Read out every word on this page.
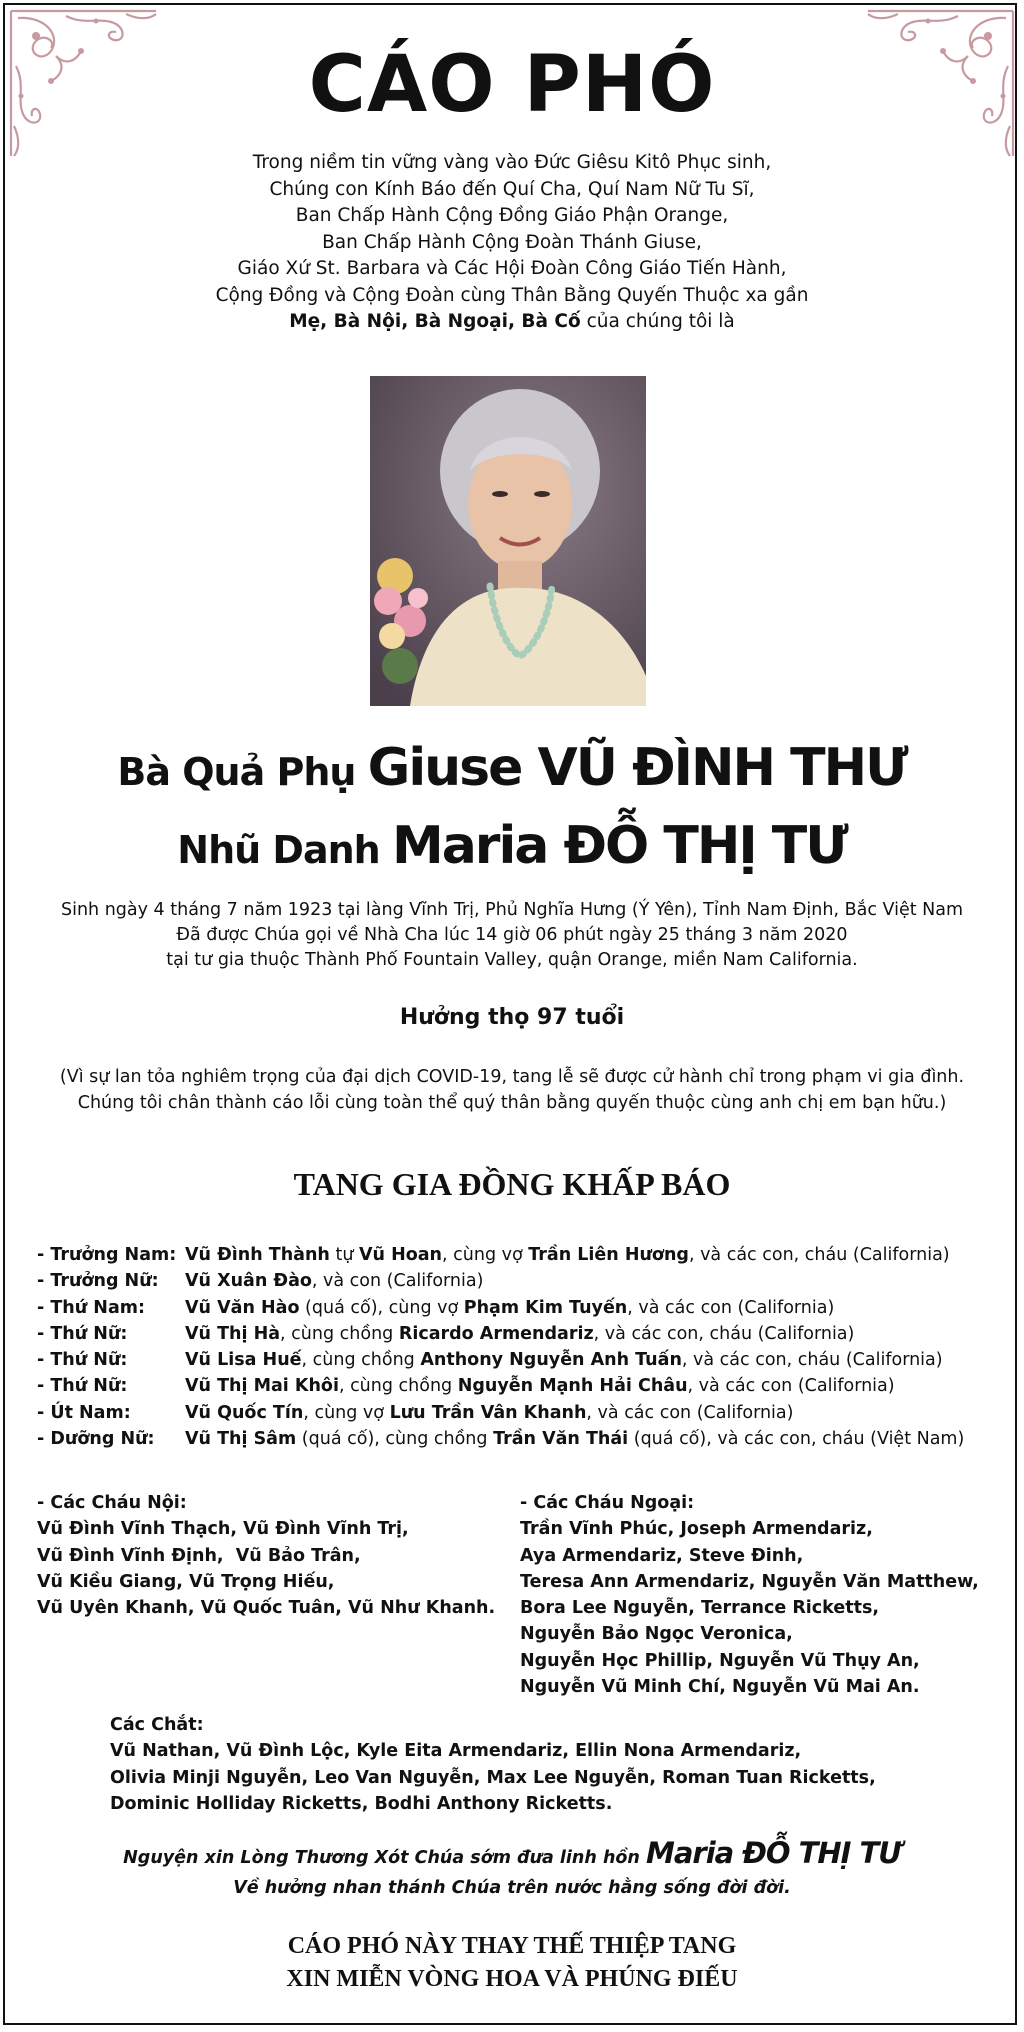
CÁO PHÓ
Trong niềm tin vững vàng vào Đức Giêsu Kitô Phục sinh,
Chúng con Kính Báo đến Quí Cha, Quí Nam Nữ Tu Sĩ,
Ban Chấp Hành Cộng Đồng Giáo Phận Orange,
Ban Chấp Hành Cộng Đoàn Thánh Giuse,
Giáo Xứ St. Barbara và Các Hội Đoàn Công Giáo Tiến Hành,
Cộng Đồng và Cộng Đoàn cùng Thân Bằng Quyến Thuộc xa gần
Mẹ, Bà Nội, Bà Ngoại, Bà Cố của chúng tôi là
Bà Quả Phụ Giuse VŨ ĐÌNH THƯ
Nhũ Danh Maria ĐỖ THỊ TƯ
Sinh ngày 4 tháng 7 năm 1923 tại làng Vĩnh Trị, Phủ Nghĩa Hưng (Ý Yên), Tỉnh Nam Định, Bắc Việt Nam
Đã được Chúa gọi về Nhà Cha lúc 14 giờ 06 phút ngày 25 tháng 3 năm 2020
tại tư gia thuộc Thành Phố Fountain Valley, quận Orange, miền Nam California.
Hưởng thọ 97 tuổi
(Vì sự lan tỏa nghiêm trọng của đại dịch COVID-19, tang lễ sẽ được cử hành chỉ trong phạm vi gia đình.
Chúng tôi chân thành cáo lỗi cùng toàn thể quý thân bằng quyến thuộc cùng anh chị em bạn hữu.)
TANG GIA ĐỒNG KHẤP BÁO
- Trưởng Nam: Vũ Đình Thành tự Vũ Hoan, cùng vợ Trần Liên Hương, và các con, cháu (California)
- Trưởng Nữ:	Vũ Xuân Đào, và con (California)
- Thứ Nam:	Vũ Văn Hào (quá cố), cùng vợ Phạm Kim Tuyến, và các con (California)
- Thứ Nữ:	Vũ Thị Hà, cùng chồng Ricardo Armendariz, và các con, cháu (California)
- Thứ Nữ:	Vũ Lisa Huế, cùng chồng Anthony Nguyễn Anh Tuấn, và các con, cháu (California)
- Thứ Nữ:	Vũ Thị Mai Khôi, cùng chồng Nguyễn Mạnh Hải Châu, và các con (California)
- Út Nam:	Vũ Quốc Tín, cùng vợ Lưu Trần Vân Khanh, và các con (California)
- Dưỡng Nữ:	Vũ Thị Sâm (quá cố), cùng chồng Trần Văn Thái (quá cố), và các con, cháu (Việt Nam)
- Các Cháu Nội:
Vũ Đình Vĩnh Thạch, Vũ Đình Vĩnh Trị,
Vũ Đình Vĩnh Định,  Vũ Bảo Trân,
Vũ Kiều Giang, Vũ Trọng Hiếu,
Vũ Uyên Khanh, Vũ Quốc Tuân, Vũ Như Khanh.
- Các Cháu Ngoại:
Trần Vĩnh Phúc, Joseph Armendariz,
Aya Armendariz, Steve Đinh,
Teresa Ann Armendariz, Nguyễn Văn Matthew,
Bora Lee Nguyễn, Terrance Ricketts,
Nguyễn Bảo Ngọc Veronica,
Nguyễn Học Phillip, Nguyễn Vũ Thụy An,
Nguyễn Vũ Minh Chí, Nguyễn Vũ Mai An.
Các Chắt:
Vũ Nathan, Vũ Đình Lộc, Kyle Eita Armendariz, Ellin Nona Armendariz,
Olivia Minji Nguyễn, Leo Van Nguyễn, Max Lee Nguyễn, Roman Tuan Ricketts,
Dominic Holliday Ricketts, Bodhi Anthony Ricketts.
Nguyện xin Lòng Thương Xót Chúa sớm đưa linh hồn Maria ĐỖ THỊ TƯ
Về hưởng nhan thánh Chúa trên nước hằng sống đời đời.
CÁO PHÓ NÀY THAY THẾ THIỆP TANG
XIN MIỄN VÒNG HOA VÀ PHÚNG ĐIẾU
